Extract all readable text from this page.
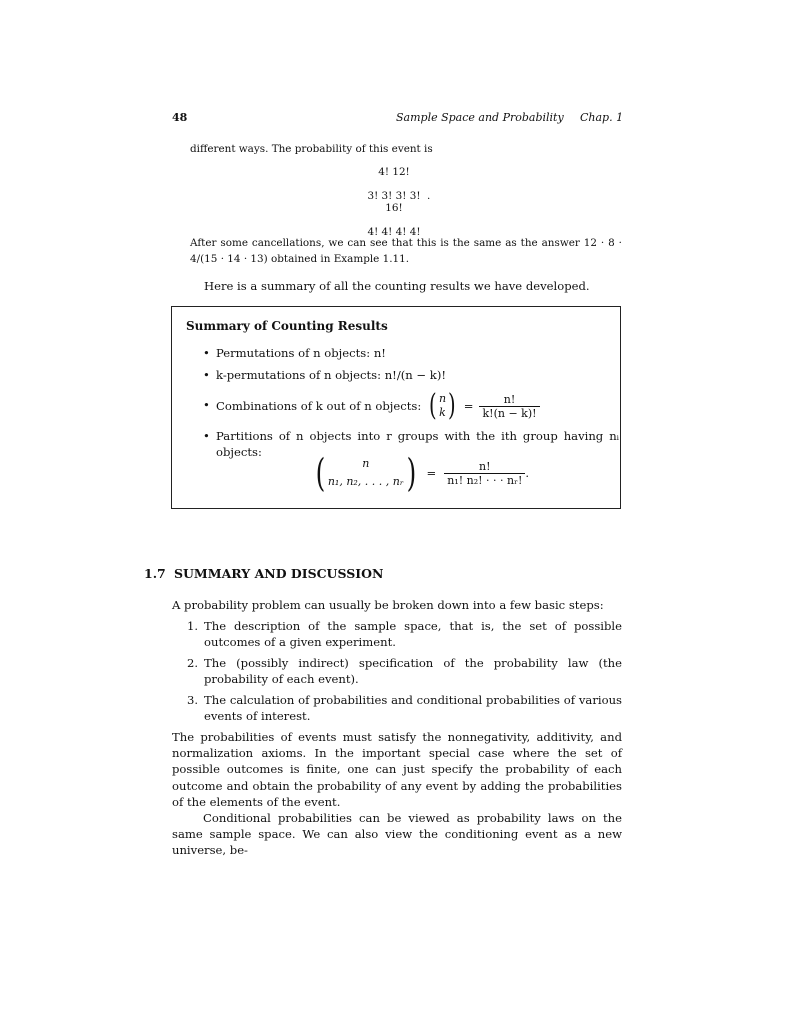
48	Sample Space and Probability Chap. 1
different ways. The probability of this event is
4! 12!
3! 3! 3! 3!
16!
4! 4! 4! 4!
.
After some cancellations, we can see that this is the same as the answer 12 · 8 · 4/(15 · 14 · 13) obtained in Example 1.11.
Here is a summary of all the counting results we have developed.
Summary of Counting Results
• Permutations of n objects: n!
• k-permutations of n objects: n!/(n − k)!
• Combinations of k out of n objects: ( n
k ) = $\frac{n!}{k!(n - k)!}$
• Partitions of n objects into r groups with the ith group having nᵢ
objects: (	n
n₁, n₂, . . . , nᵣ ) = $\frac{n!}{\text{n₁! n₂! · · · nᵣ!}}$ .
1.7 SUMMARY AND DISCUSSION
A probability problem can usually be broken down into a few basic steps:
1. The description of the sample space, that is, the set of possible outcomes of a given experiment.
2. The (possibly indirect) specification of the probability law (the probability of each event).
3. The calculation of probabilities and conditional probabilities of various events of interest.
The probabilities of events must satisfy the nonnegativity, additivity, and normalization axioms. In the important special case where the set of possible outcomes is finite, one can just specify the probability of each outcome and obtain the probability of any event by adding the probabilities of the elements of the event.
Conditional probabilities can be viewed as probability laws on the same sample space. We can also view the conditioning event as a new universe, be-
